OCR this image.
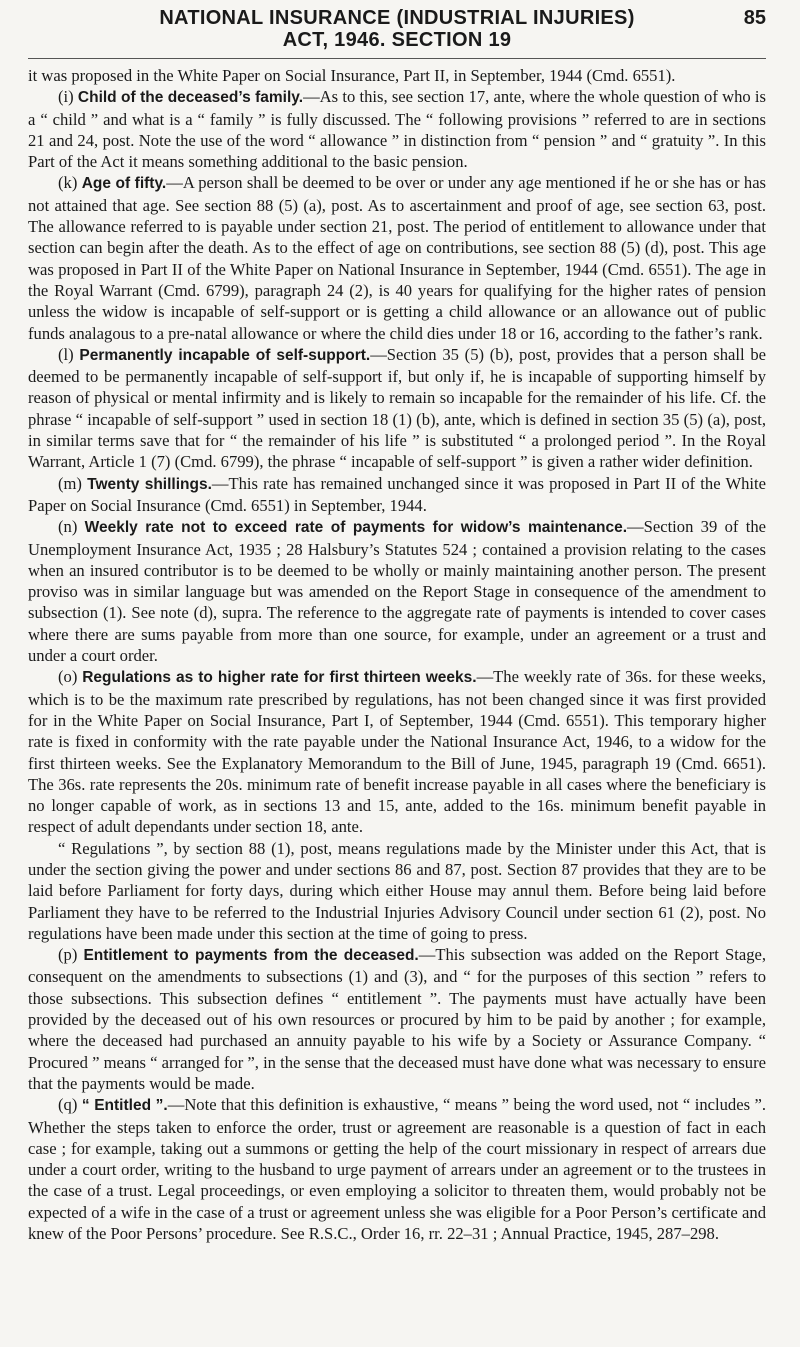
NATIONAL INSURANCE (INDUSTRIAL INJURIES)
ACT, 1946. SECTION 19
85

it was proposed in the White Paper on Social Insurance, Part II, in September, 1944 (Cmd. 6551).

(i) Child of the deceased’s family.—As to this, see section 17, ante, where the whole question of who is a “ child ” and what is a “ family ” is fully discussed. The “ following provisions ” referred to are in sections 21 and 24, post. Note the use of the word “ allowance ” in distinction from “ pension ” and “ gratuity ”. In this Part of the Act it means something additional to the basic pension.

(k) Age of fifty.—A person shall be deemed to be over or under any age mentioned if he or she has or has not attained that age. See section 88 (5) (a), post. As to ascertainment and proof of age, see section 63, post. The allowance referred to is payable under section 21, post. The period of entitlement to allowance under that section can begin after the death. As to the effect of age on contributions, see section 88 (5) (d), post. This age was proposed in Part II of the White Paper on National Insurance in September, 1944 (Cmd. 6551). The age in the Royal Warrant (Cmd. 6799), paragraph 24 (2), is 40 years for qualifying for the higher rates of pension unless the widow is incapable of self-support or is getting a child allowance or an allowance out of public funds analagous to a pre-natal allowance or where the child dies under 18 or 16, according to the father’s rank.

(l) Permanently incapable of self-support.—Section 35 (5) (b), post, provides that a person shall be deemed to be permanently incapable of self-support if, but only if, he is incapable of supporting himself by reason of physical or mental infirmity and is likely to remain so incapable for the remainder of his life. Cf. the phrase “ incapable of self-support ” used in section 18 (1) (b), ante, which is defined in section 35 (5) (a), post, in similar terms save that for “ the remainder of his life ” is substituted “ a prolonged period ”. In the Royal Warrant, Article 1 (7) (Cmd. 6799), the phrase “ incapable of self-support ” is given a rather wider definition.

(m) Twenty shillings.—This rate has remained unchanged since it was proposed in Part II of the White Paper on Social Insurance (Cmd. 6551) in September, 1944.

(n) Weekly rate not to exceed rate of payments for widow’s maintenance.—Section 39 of the Unemployment Insurance Act, 1935 ; 28 Halsbury’s Statutes 524 ; contained a provision relating to the cases when an insured contributor is to be deemed to be wholly or mainly maintaining another person. The present proviso was in similar language but was amended on the Report Stage in consequence of the amendment to subsection (1). See note (d), supra. The reference to the aggregate rate of payments is intended to cover cases where there are sums payable from more than one source, for example, under an agreement or a trust and under a court order.

(o) Regulations as to higher rate for first thirteen weeks.—The weekly rate of 36s. for these weeks, which is to be the maximum rate prescribed by regulations, has not been changed since it was first provided for in the White Paper on Social Insurance, Part I, of September, 1944 (Cmd. 6551). This temporary higher rate is fixed in conformity with the rate payable under the National Insurance Act, 1946, to a widow for the first thirteen weeks. See the Explanatory Memorandum to the Bill of June, 1945, paragraph 19 (Cmd. 6651). The 36s. rate represents the 20s. minimum rate of benefit increase payable in all cases where the beneficiary is no longer capable of work, as in sections 13 and 15, ante, added to the 16s. minimum benefit payable in respect of adult dependants under section 18, ante.

“ Regulations ”, by section 88 (1), post, means regulations made by the Minister under this Act, that is under the section giving the power and under sections 86 and 87, post. Section 87 provides that they are to be laid before Parliament for forty days, during which either House may annul them. Before being laid before Parliament they have to be referred to the Industrial Injuries Advisory Council under section 61 (2), post. No regulations have been made under this section at the time of going to press.

(p) Entitlement to payments from the deceased.—This subsection was added on the Report Stage, consequent on the amendments to subsections (1) and (3), and “ for the purposes of this section ” refers to those subsections. This subsection defines “ entitlement ”. The payments must have actually have been provided by the deceased out of his own resources or procured by him to be paid by another ; for example, where the deceased had purchased an annuity payable to his wife by a Society or Assurance Company. “ Procured ” means “ arranged for ”, in the sense that the deceased must have done what was necessary to ensure that the payments would be made.

(q) “ Entitled ”.—Note that this definition is exhaustive, “ means ” being the word used, not “ includes ”. Whether the steps taken to enforce the order, trust or agreement are reasonable is a question of fact in each case ; for example, taking out a summons or getting the help of the court missionary in respect of arrears due under a court order, writing to the husband to urge payment of arrears under an agreement or to the trustees in the case of a trust. Legal proceedings, or even employing a solicitor to threaten them, would probably not be expected of a wife in the case of a trust or agreement unless she was eligible for a Poor Person’s certificate and knew of the Poor Persons’ procedure. See R.S.C., Order 16, rr. 22–31 ; Annual Practice, 1945, 287–298.
